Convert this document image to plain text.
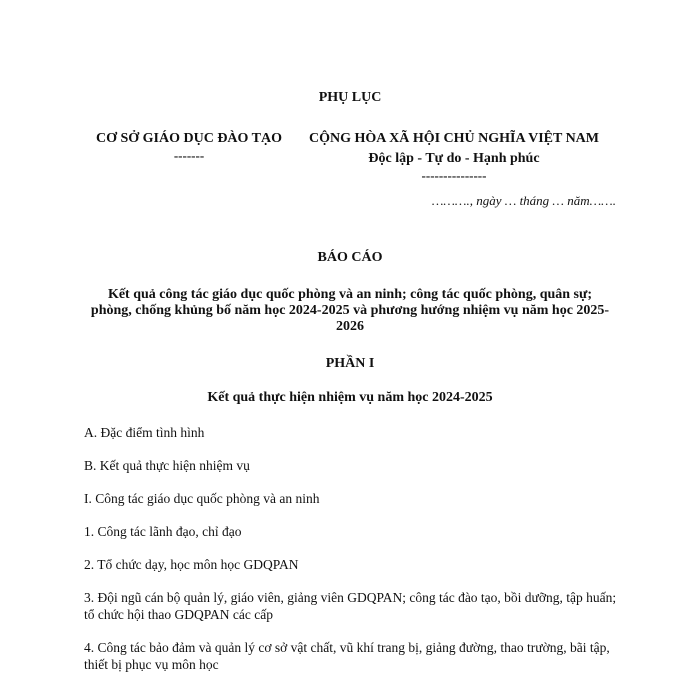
PHỤ LỤC
CƠ SỞ GIÁO DỤC ĐÀO TẠO
-------
CỘNG HÒA XÃ HỘI CHỦ NGHĨA VIỆT NAM
Độc lập - Tự do - Hạnh phúc
---------------
………., ngày … tháng … năm…….
BÁO CÁO
Kết quả công tác giáo dục quốc phòng và an ninh; công tác quốc phòng, quân sự; phòng, chống khủng bố năm học 2024-2025 và phương hướng nhiệm vụ năm học 2025-2026
PHẦN I
Kết quả thực hiện nhiệm vụ năm học 2024-2025
A. Đặc điểm tình hình
B. Kết quả thực hiện nhiệm vụ
I. Công tác giáo dục quốc phòng và an ninh
1. Công tác lãnh đạo, chỉ đạo
2. Tổ chức dạy, học môn học GDQPAN
3. Đội ngũ cán bộ quản lý, giáo viên, giảng viên GDQPAN; công tác đào tạo, bồi dưỡng, tập huấn; tổ chức hội thao GDQPAN các cấp
4. Công tác bảo đảm và quản lý cơ sở vật chất, vũ khí trang bị, giảng đường, thao trường, bãi tập, thiết bị phục vụ môn học
